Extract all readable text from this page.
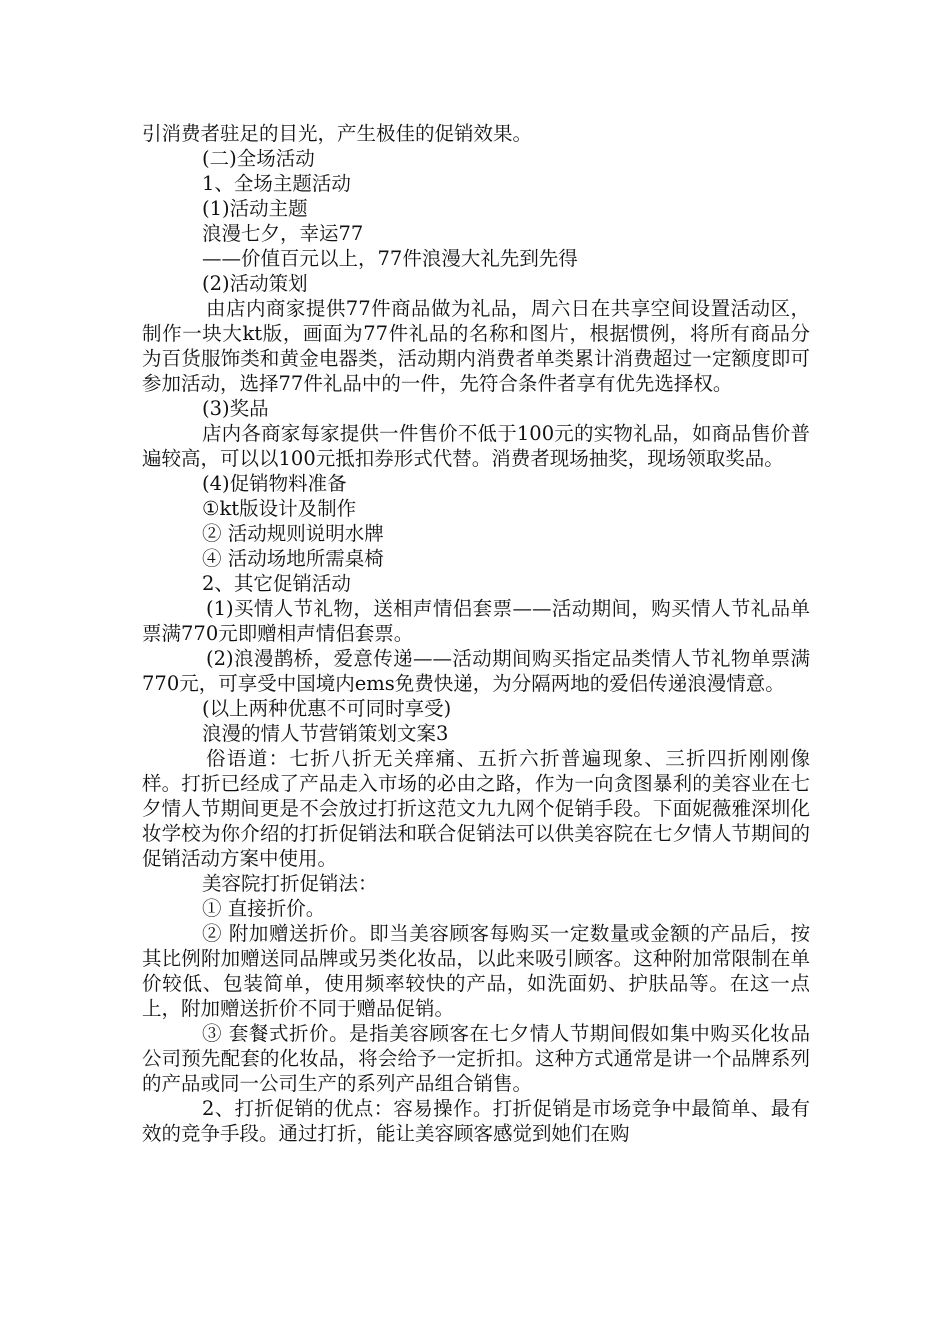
引消费者驻足的目光，产生极佳的促销效果。

(二)全场活动

1、全场主题活动

(1)活动主题

浪漫七夕，幸运77

——价值百元以上，77件浪漫大礼先到先得

(2)活动策划

由店内商家提供77件商品做为礼品，周六日在共享空间设置活动区，制作一块大kt版，画面为77件礼品的名称和图片，根据惯例，将所有商品分为百货服饰类和黄金电器类，活动期内消费者单类累计消费超过一定额度即可参加活动，选择77件礼品中的一件，先符合条件者享有优先选择权。

(3)奖品

店内各商家每家提供一件售价不低于100元的实物礼品，如商品售价普遍较高，可以以100元抵扣券形式代替。消费者现场抽奖，现场领取奖品。

(4)促销物料准备

①kt版设计及制作

② 活动规则说明水牌

④ 活动场地所需桌椅

2、其它促销活动

(1)买情人节礼物，送相声情侣套票——活动期间，购买情人节礼品单票满770元即赠相声情侣套票。

(2)浪漫鹊桥，爱意传递——活动期间购买指定品类情人节礼物单票满770元，可享受中国境内ems免费快递，为分隔两地的爱侣传递浪漫情意。

(以上两种优惠不可同时享受)

浪漫的情人节营销策划文案3

俗语道：七折八折无关痒痛、五折六折普遍现象、三折四折刚刚像样。打折已经成了产品走入市场的必由之路，作为一向贪图暴利的美容业在七夕情人节期间更是不会放过打折这范文九九网个促销手段。下面妮薇雅深圳化妆学校为你介绍的打折促销法和联合促销法可以供美容院在七夕情人节期间的促销活动方案中使用。

美容院打折促销法：

① 直接折价。

② 附加赠送折价。即当美容顾客每购买一定数量或金额的产品后，按其比例附加赠送同品牌或另类化妆品，以此来吸引顾客。这种附加常限制在单价较低、包装简单，使用频率较快的产品，如洗面奶、护肤品等。在这一点上，附加赠送折价不同于赠品促销。

③ 套餐式折价。是指美容顾客在七夕情人节期间假如集中购买化妆品公司预先配套的化妆品，将会给予一定折扣。这种方式通常是讲一个品牌系列的产品或同一公司生产的系列产品组合销售。

2、打折促销的优点：容易操作。打折促销是市场竞争中最简单、最有效的竞争手段。通过打折，能让美容顾客感觉到她们在购
